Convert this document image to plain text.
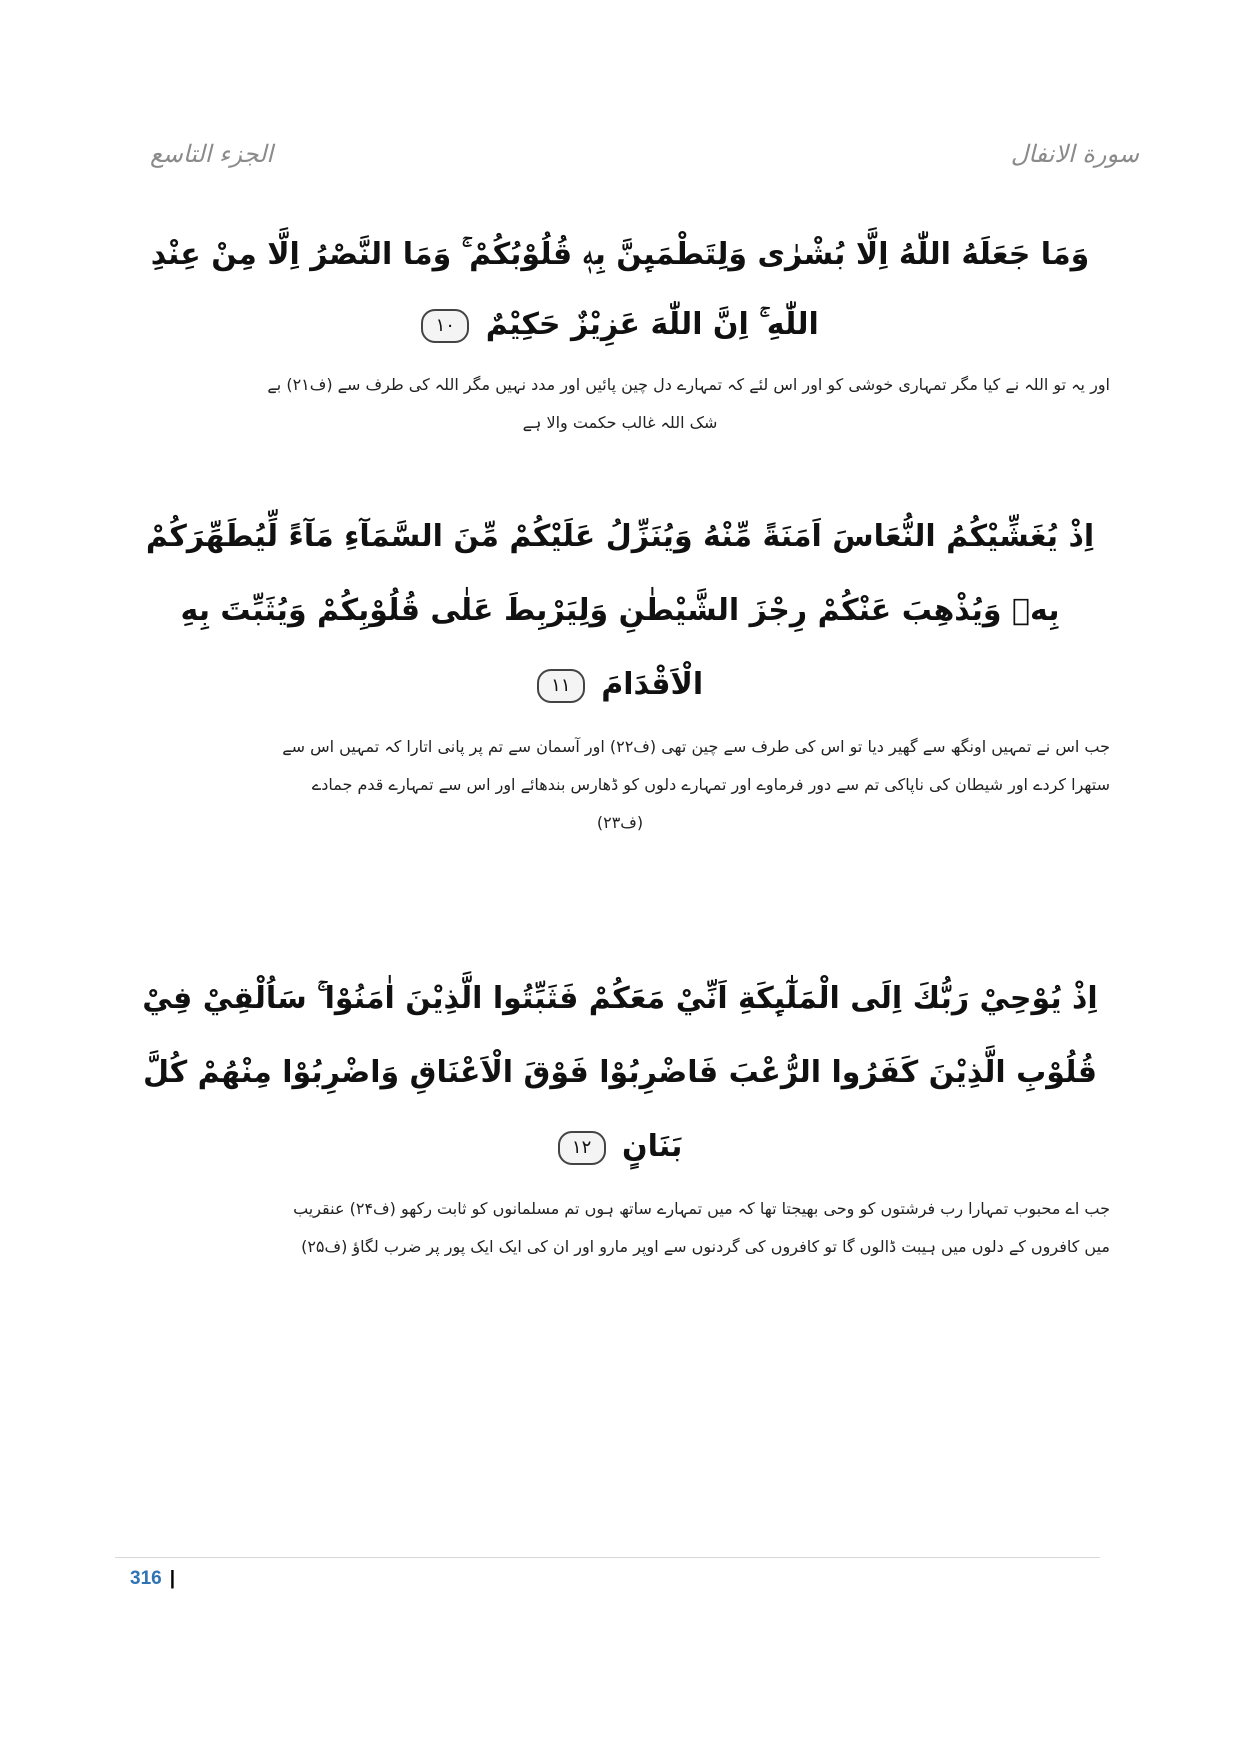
الجزء التاسع	سورة الانفال
وَمَا جَعَلَهُ اللّٰهُ اِلَّا بُشْرٰى وَلِتَطْمَىِٕنَّ بِهٖ قُلُوْبُكُمْ ۚ وَمَا النَّصْرُ اِلَّا مِنْ عِنْدِ
اللّٰهِ ۚ اِنَّ اللّٰهَ عَزِيْزٌ حَكِيْمٌ ١٠
اور یہ تو اللہ نے کیا مگر تمہاری خوشی کو اور اس لئے کہ تمہارے دل چین پائیں اور مدد نہیں مگر اللہ کی طرف سے (ف۲۱) بے
شک اللہ غالب حکمت والا ہے
اِذْ يُغَشِّيْكُمُ النُّعَاسَ اَمَنَةً مِّنْهُ وَيُنَزِّلُ عَلَيْكُمْ مِّنَ السَّمَآءِ مَآءً لِّيُطَهِّرَكُمْ
بِهٖ وَيُذْهِبَ عَنْكُمْ رِجْزَ الشَّيْطٰنِ وَلِيَرْبِطَ عَلٰى قُلُوْبِكُمْ وَيُثَبِّتَ بِهِ
الْاَقْدَامَ ١١
جب اس نے تمہیں اونگھ سے گھیر دیا تو اس کی طرف سے چین تھی (ف۲۲) اور آسمان سے تم پر پانی اتارا کہ تمہیں اس سے
ستھرا کردے اور شیطان کی ناپاکی تم سے دور فرماوے اور تمہارے دلوں کو ڈھارس بندھائے اور اس سے تمہارے قدم جمادے
(ف۲۳)
اِذْ يُوْحِيْ رَبُّكَ اِلَى الْمَلٰٓىِٕكَةِ اَنِّيْ مَعَكُمْ فَثَبِّتُوا الَّذِيْنَ اٰمَنُوْا ۚ سَاُلْقِيْ فِيْ
قُلُوْبِ الَّذِيْنَ كَفَرُوا الرُّعْبَ فَاضْرِبُوْا فَوْقَ الْاَعْنَاقِ وَاضْرِبُوْا مِنْهُمْ كُلَّ
بَنَانٍ ١٢
جب اے محبوب تمہارا رب فرشتوں کو وحی بھیجتا تھا کہ میں تمہارے ساتھ ہوں تم مسلمانوں کو ثابت رکھو (ف۲۴) عنقریب
میں کافروں کے دلوں میں ہیبت ڈالوں گا تو کافروں کی گردنوں سے اوپر مارو اور ان کی ایک ایک پور پر ضرب لگاؤ (ف۲۵)
316 |
